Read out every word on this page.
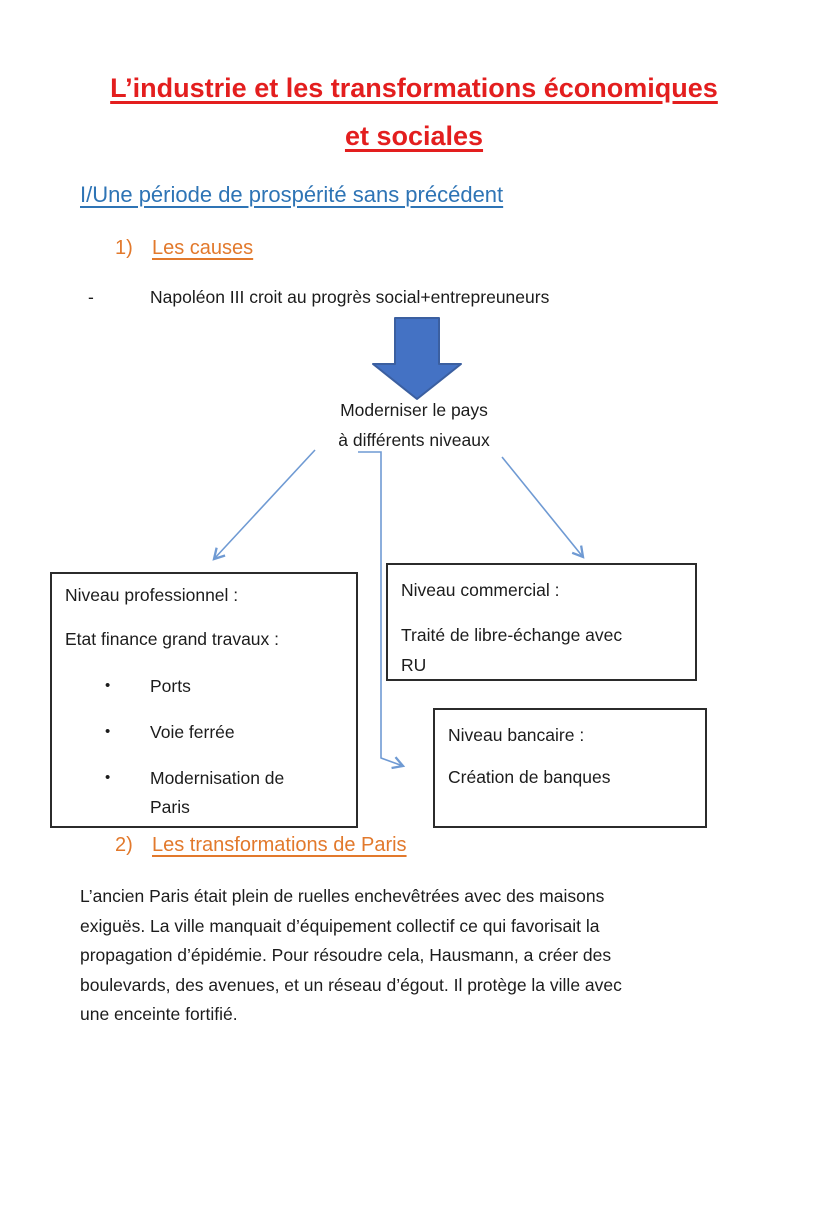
L’industrie et les transformations économiques
et sociales
I/Une période de prospérité sans précédent
1) Les causes
-	Napoléon III croit au progrès social+entrepreuneurs
Moderniser le pays
à différents niveaux
Niveau professionnel :
Etat finance grand travaux :
• Ports
• Voie ferrée
• Modernisation de Paris
Niveau commercial :
Traité de libre-échange avec
RU
Niveau bancaire :
Création de banques
2) Les transformations de Paris
L’ancien Paris était plein de ruelles enchevêtrées avec des maisons
exiguës. La ville manquait d’équipement collectif ce qui favorisait la
propagation d’épidémie. Pour résoudre cela, Hausmann, a créer des
boulevards, des avenues, et un réseau d’égout. Il protège la ville avec
une enceinte fortifié.
